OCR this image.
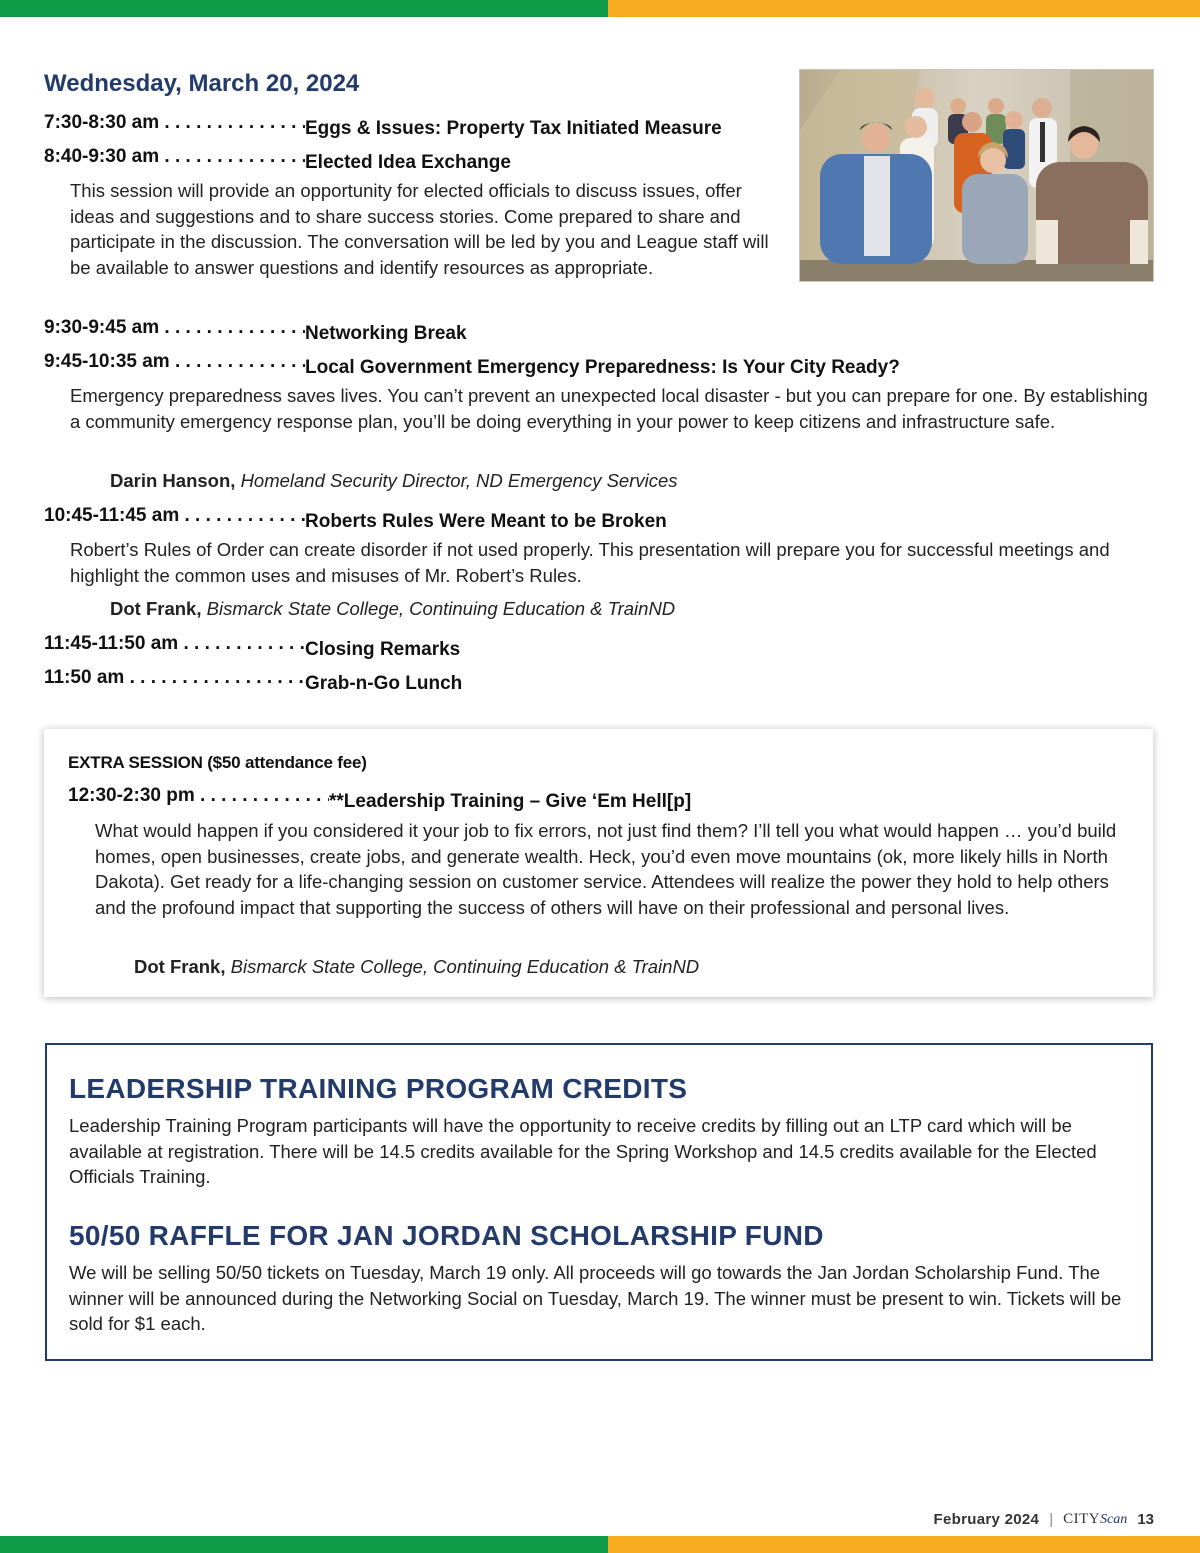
Wednesday, March 20, 2024
7:30-8:30 am . . .	Eggs & Issues: Property Tax Initiated Measure
8:40-9:30 am . . .	Elected Idea Exchange
This session will provide an opportunity for elected officials to discuss issues, offer ideas and suggestions and to share success stories. Come prepared to share and participate in the discussion. The conversation will be led by you and League staff will be available to answer questions and identify resources as appropriate.
9:30-9:45 am . . .	Networking Break
9:45-10:35 am . . .	Local Government Emergency Preparedness: Is Your City Ready?
Emergency preparedness saves lives. You can’t prevent an unexpected local disaster - but you can prepare for one. By establishing a community emergency response plan, you’ll be doing everything in your power to keep citizens and infrastructure safe.
Darin Hanson, Homeland Security Director, ND Emergency Services
10:45-11:45 am . . .	Roberts Rules Were Meant to be Broken
Robert’s Rules of Order can create disorder if not used properly. This presentation will prepare you for successful meetings and highlight the common uses and misuses of Mr. Robert’s Rules.
Dot Frank, Bismarck State College, Continuing Education & TrainND
11:45-11:50 am . . .	Closing Remarks
11:50 am . . .	Grab-n-Go Lunch
EXTRA SESSION ($50 attendance fee)
12:30-2:30 pm . . .	**Leadership Training – Give ‘Em Hell[p]
What would happen if you considered it your job to fix errors, not just find them? I’ll tell you what would happen … you’d build homes, open businesses, create jobs, and generate wealth. Heck, you’d even move mountains (ok, more likely hills in North Dakota). Get ready for a life-changing session on customer service. Attendees will realize the power they hold to help others and the profound impact that supporting the success of others will have on their professional and personal lives.
Dot Frank, Bismarck State College, Continuing Education & TrainND
LEADERSHIP TRAINING PROGRAM CREDITS
Leadership Training Program participants will have the opportunity to receive credits by filling out an LTP card which will be available at registration. There will be 14.5 credits available for the Spring Workshop and 14.5 credits available for the Elected Officials Training.
50/50 RAFFLE FOR JAN JORDAN SCHOLARSHIP FUND
We will be selling 50/50 tickets on Tuesday, March 19 only. All proceeds will go towards the Jan Jordan Scholarship Fund. The winner will be announced during the Networking Social on Tuesday, March 19. The winner must be present to win. Tickets will be sold for $1 each.
February 2024 | CITYScan 13
